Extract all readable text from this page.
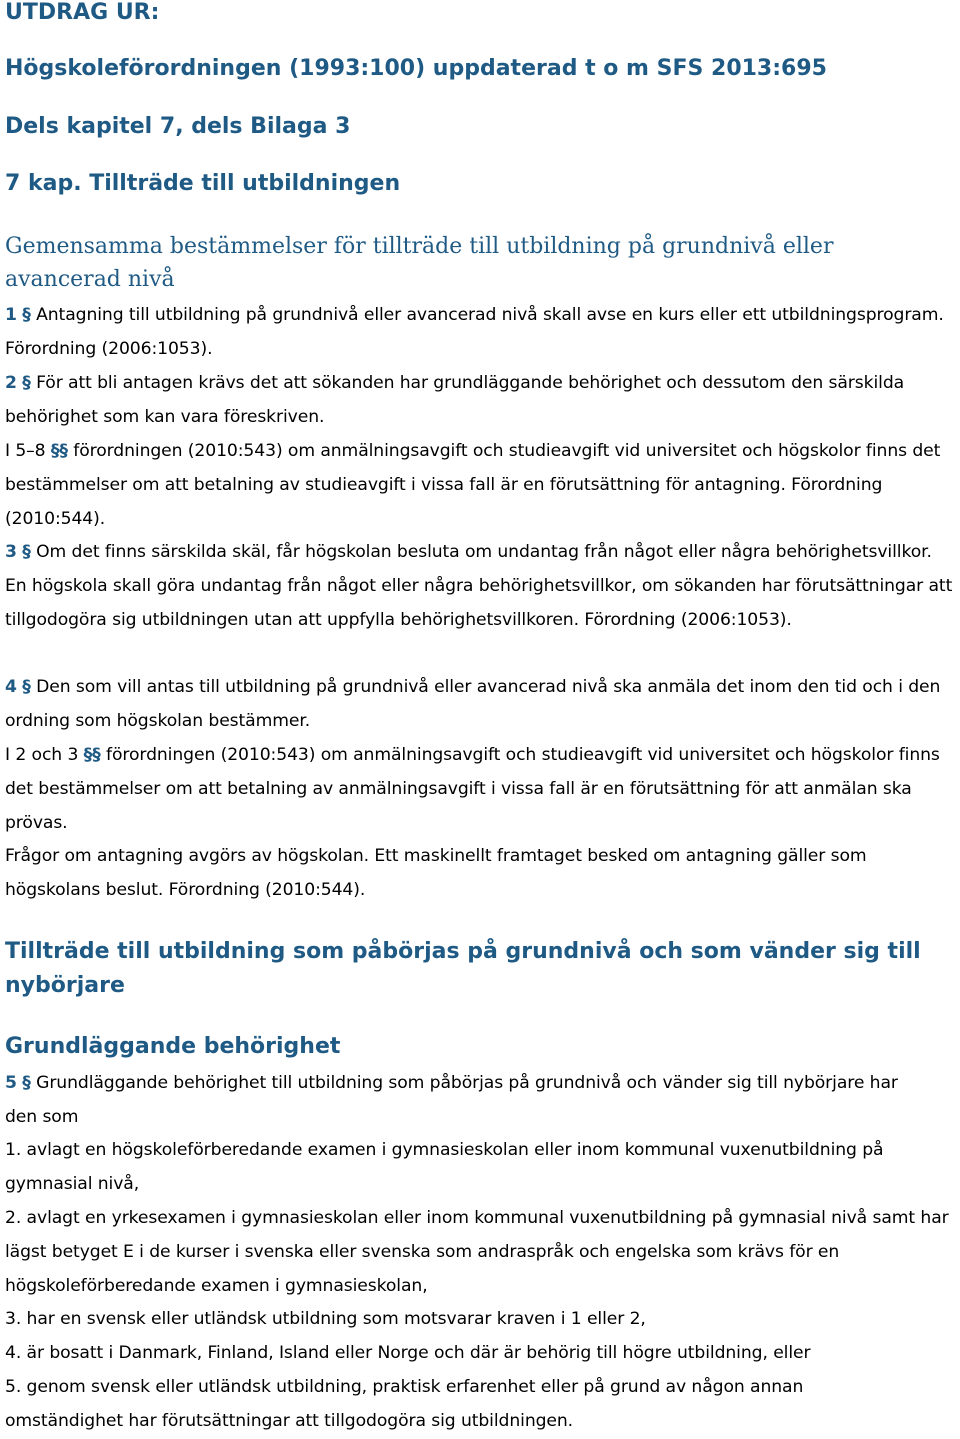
UTDRAG UR:
Högskoleförordningen (1993:100) uppdaterad t o m SFS 2013:695
Dels kapitel 7, dels Bilaga 3
7 kap. Tillträde till utbildningen
Gemensamma bestämmelser för tillträde till utbildning på grundnivå eller avancerad nivå

1 § Antagning till utbildning på grundnivå eller avancerad nivå skall avse en kurs eller ett utbildningsprogram. Förordning (2006:1053).

2 § För att bli antagen krävs det att sökanden har grundläggande behörighet och dessutom den särskilda behörighet som kan vara föreskriven.

I 5–8 §§ förordningen (2010:543) om anmälningsavgift och studieavgift vid universitet och högskolor finns det bestämmelser om att betalning av studieavgift i vissa fall är en förutsättning för antagning. Förordning (2010:544).

3 § Om det finns särskilda skäl, får högskolan besluta om undantag från något eller några behörighetsvillkor. En högskola skall göra undantag från något eller några behörighetsvillkor, om sökanden har förutsättningar att tillgodogöra sig utbildningen utan att uppfylla behörighetsvillkoren. Förordning (2006:1053).

4 § Den som vill antas till utbildning på grundnivå eller avancerad nivå ska anmäla det inom den tid och i den ordning som högskolan bestämmer.

I 2 och 3 §§ förordningen (2010:543) om anmälningsavgift och studieavgift vid universitet och högskolor finns det bestämmelser om att betalning av anmälningsavgift i vissa fall är en förutsättning för att anmälan ska prövas.

Frågor om antagning avgörs av högskolan. Ett maskinellt framtaget besked om antagning gäller som högskolans beslut. Förordning (2010:544).

Tillträde till utbildning som påbörjas på grundnivå och som vänder sig till nybörjare
Grundläggande behörighet

5 § Grundläggande behörighet till utbildning som påbörjas på grundnivå och vänder sig till nybörjare har den som

1. avlagt en högskoleförberedande examen i gymnasieskolan eller inom kommunal vuxenutbildning på gymnasial nivå,

2. avlagt en yrkesexamen i gymnasieskolan eller inom kommunal vuxenutbildning på gymnasial nivå samt har lägst betyget E i de kurser i svenska eller svenska som andraspråk och engelska som krävs för en högskoleförberedande examen i gymnasieskolan,

3. har en svensk eller utländsk utbildning som motsvarar kraven i 1 eller 2,

4. är bosatt i Danmark, Finland, Island eller Norge och där är behörig till högre utbildning, eller

5. genom svensk eller utländsk utbildning, praktisk erfarenhet eller på grund av någon annan omständighet har förutsättningar att tillgodogöra sig utbildningen.
